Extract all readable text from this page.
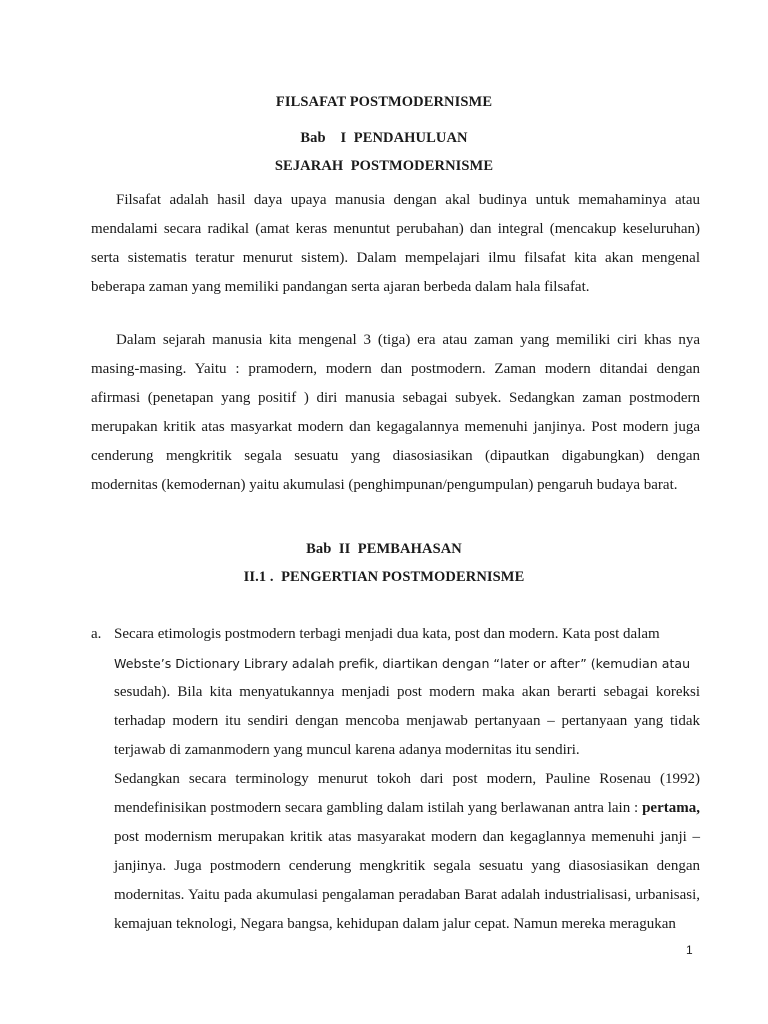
FILSAFAT POSTMODERNISME
Bab    I  PENDAHULUAN
SEJARAH  POSTMODERNISME

Filsafat adalah hasil daya upaya manusia dengan akal budinya untuk memahaminya atau mendalami secara radikal (amat keras menuntut perubahan) dan integral (mencakup keseluruhan) serta sistematis teratur menurut sistem). Dalam mempelajari ilmu filsafat kita akan mengenal beberapa zaman yang memiliki pandangan serta ajaran berbeda dalam hala filsafat.

Dalam sejarah manusia kita mengenal 3 (tiga) era atau zaman yang memiliki ciri khas nya masing-masing. Yaitu : pramodern, modern dan postmodern. Zaman modern ditandai dengan afirmasi (penetapan yang positif ) diri manusia sebagai subyek. Sedangkan zaman postmodern merupakan kritik atas masyarkat modern dan kegagalannya memenuhi janjinya. Post modern juga cenderung mengkritik segala sesuatu yang diasosiasikan (dipautkan digabungkan) dengan modernitas (kemodernan) yaitu akumulasi (penghimpunan/pengumpulan) pengaruh budaya barat.

Bab  II  PEMBAHASAN
II.1 .  PENGERTIAN POSTMODERNISME
a. Secara etimologis postmodern terbagi menjadi dua kata, post dan modern. Kata post dalam
Webste’s Dictionary Library adalah prefik, diartikan dengan “later or after” (kemudian atau
sesudah). Bila kita menyatukannya menjadi post modern maka akan berarti sebagai koreksi terhadap modern itu sendiri dengan mencoba menjawab pertanyaan – pertanyaan yang tidak terjawab di zamanmodern yang muncul karena adanya modernitas itu sendiri.
Sedangkan secara terminology menurut tokoh dari post modern, Pauline Rosenau (1992) mendefinisikan postmodern secara gambling dalam istilah yang berlawanan antra lain : pertama, post modernism merupakan kritik atas masyarakat modern dan kegaglannya memenuhi janji – janjinya. Juga postmodern cenderung mengkritik segala sesuatu yang diasosiasikan dengan modernitas. Yaitu pada akumulasi pengalaman peradaban Barat adalah industrialisasi, urbanisasi, kemajuan teknologi, Negara bangsa, kehidupan dalam jalur cepat. Namun mereka meragukan
1
